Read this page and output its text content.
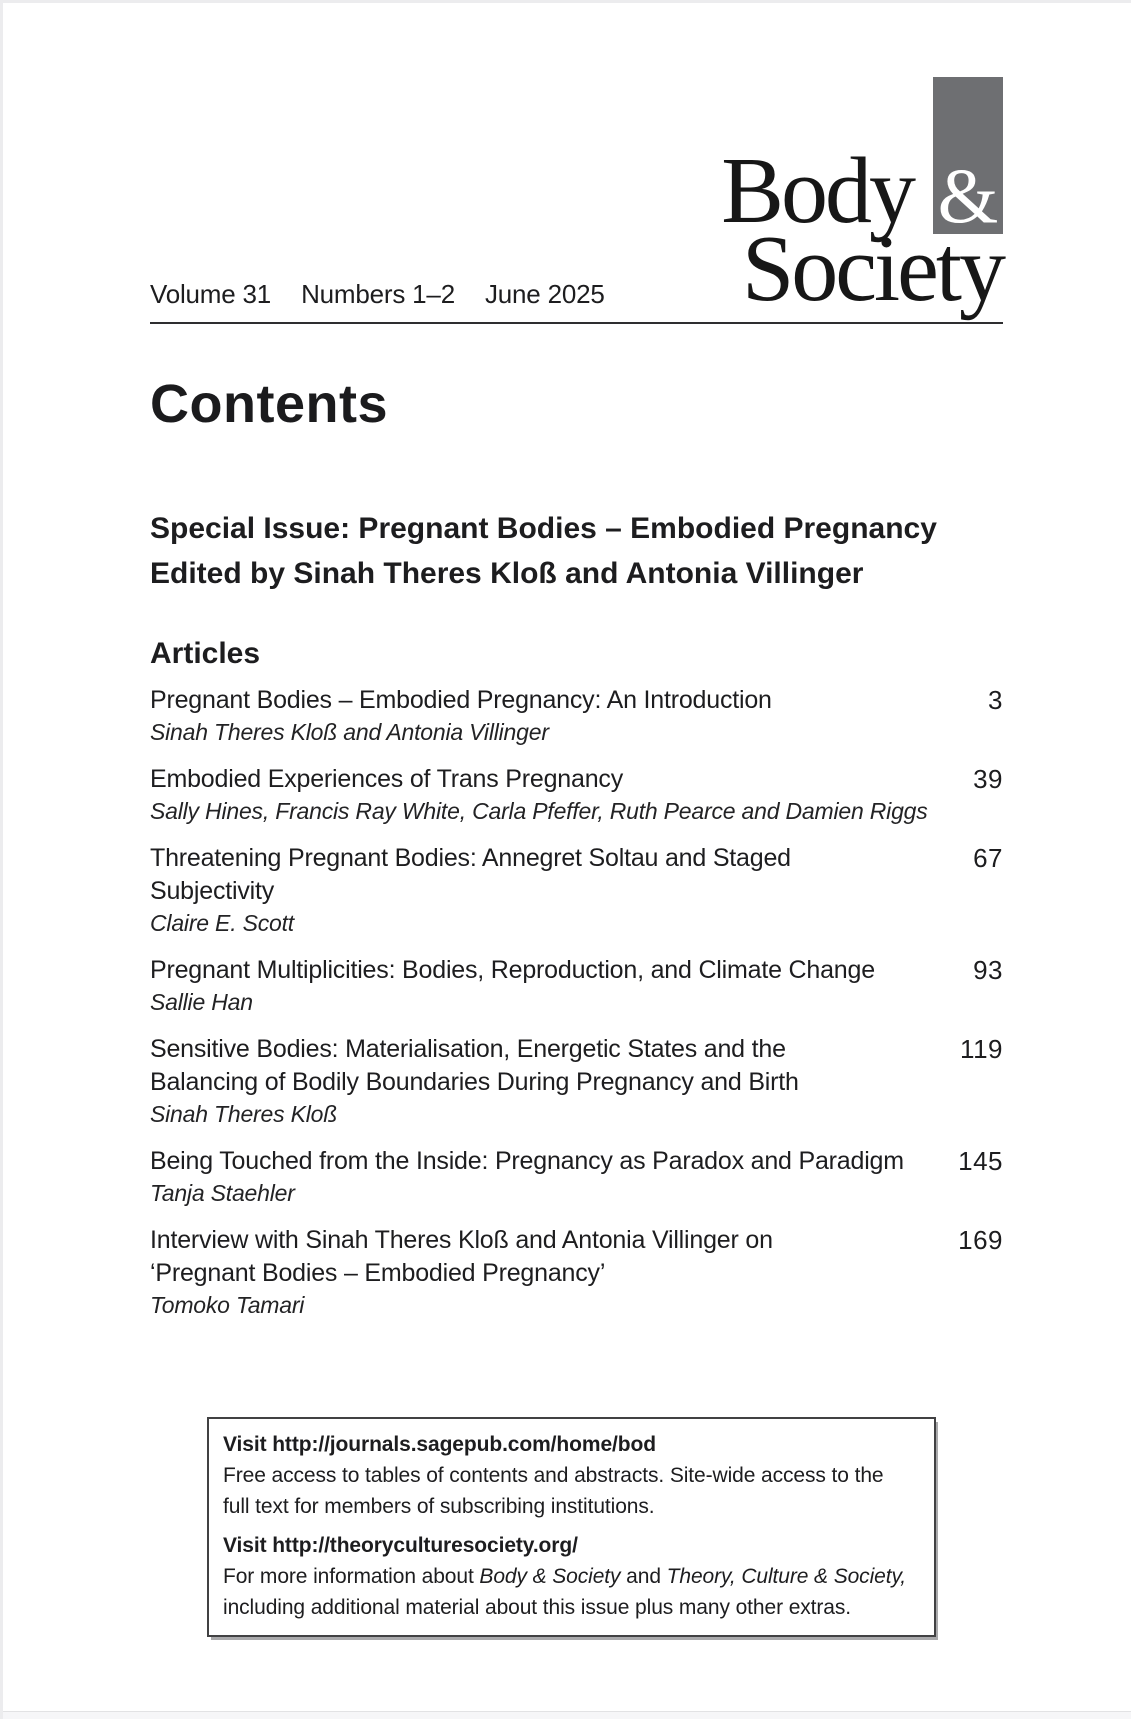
Body &
Society
Volume 31 Numbers 1–2 June 2025
Contents
Special Issue: Pregnant Bodies – Embodied Pregnancy
Edited by Sinah Theres Kloß and Antonia Villinger
Articles
Pregnant Bodies – Embodied Pregnancy: An Introduction
Sinah Theres Kloß and Antonia Villinger
3
Embodied Experiences of Trans Pregnancy
Sally Hines, Francis Ray White, Carla Pfeffer, Ruth Pearce and Damien Riggs
39
Threatening Pregnant Bodies: Annegret Soltau and Staged
Subjectivity
Claire E. Scott
67
Pregnant Multiplicities: Bodies, Reproduction, and Climate Change
Sallie Han
93
Sensitive Bodies: Materialisation, Energetic States and the
Balancing of Bodily Boundaries During Pregnancy and Birth
Sinah Theres Kloß
119
Being Touched from the Inside: Pregnancy as Paradox and Paradigm
Tanja Staehler
145
Interview with Sinah Theres Kloß and Antonia Villinger on
‘Pregnant Bodies – Embodied Pregnancy’
Tomoko Tamari
169
Visit http://journals.sagepub.com/home/bod
Free access to tables of contents and abstracts. Site-wide access to the
full text for members of subscribing institutions.
Visit http://theoryculturesociety.org/
For more information about Body & Society and Theory, Culture & Society,
including additional material about this issue plus many other extras.
